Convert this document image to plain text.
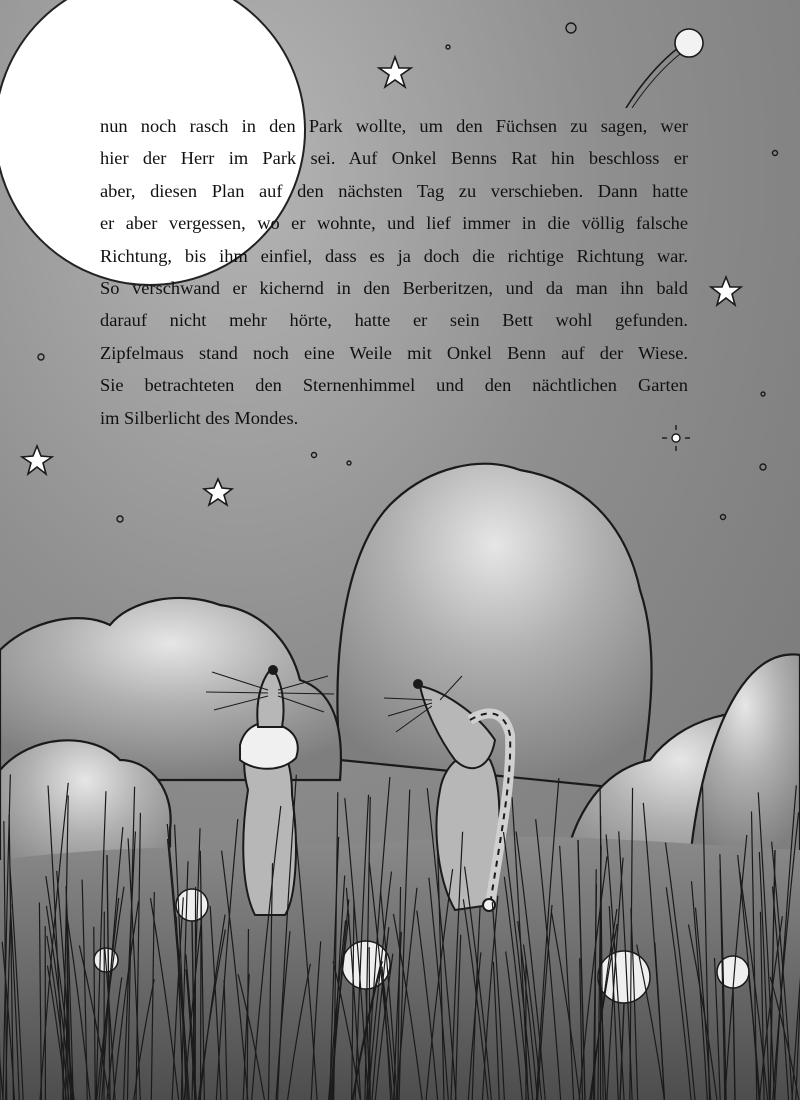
nun noch rasch in den Park wollte, um den Füchsen zu sagen, wer
hier der Herr im Park sei. Auf Onkel Benns Rat hin beschloss er
aber, diesen Plan auf den nächsten Tag zu verschieben. Dann hatte
er aber vergessen, wo er wohnte, und lief immer in die völlig falsche
Richtung, bis ihm einfiel, dass es ja doch die richtige Richtung war.
So verschwand er kichernd in den Berberitzen, und da man ihn bald
darauf nicht mehr hörte, hatte er sein Bett wohl gefunden.
Zipfelmaus stand noch eine Weile mit Onkel Benn auf der Wiese.
Sie betrachteten den Sternenhimmel und den nächtlichen Garten
im Silberlicht des Mondes.
